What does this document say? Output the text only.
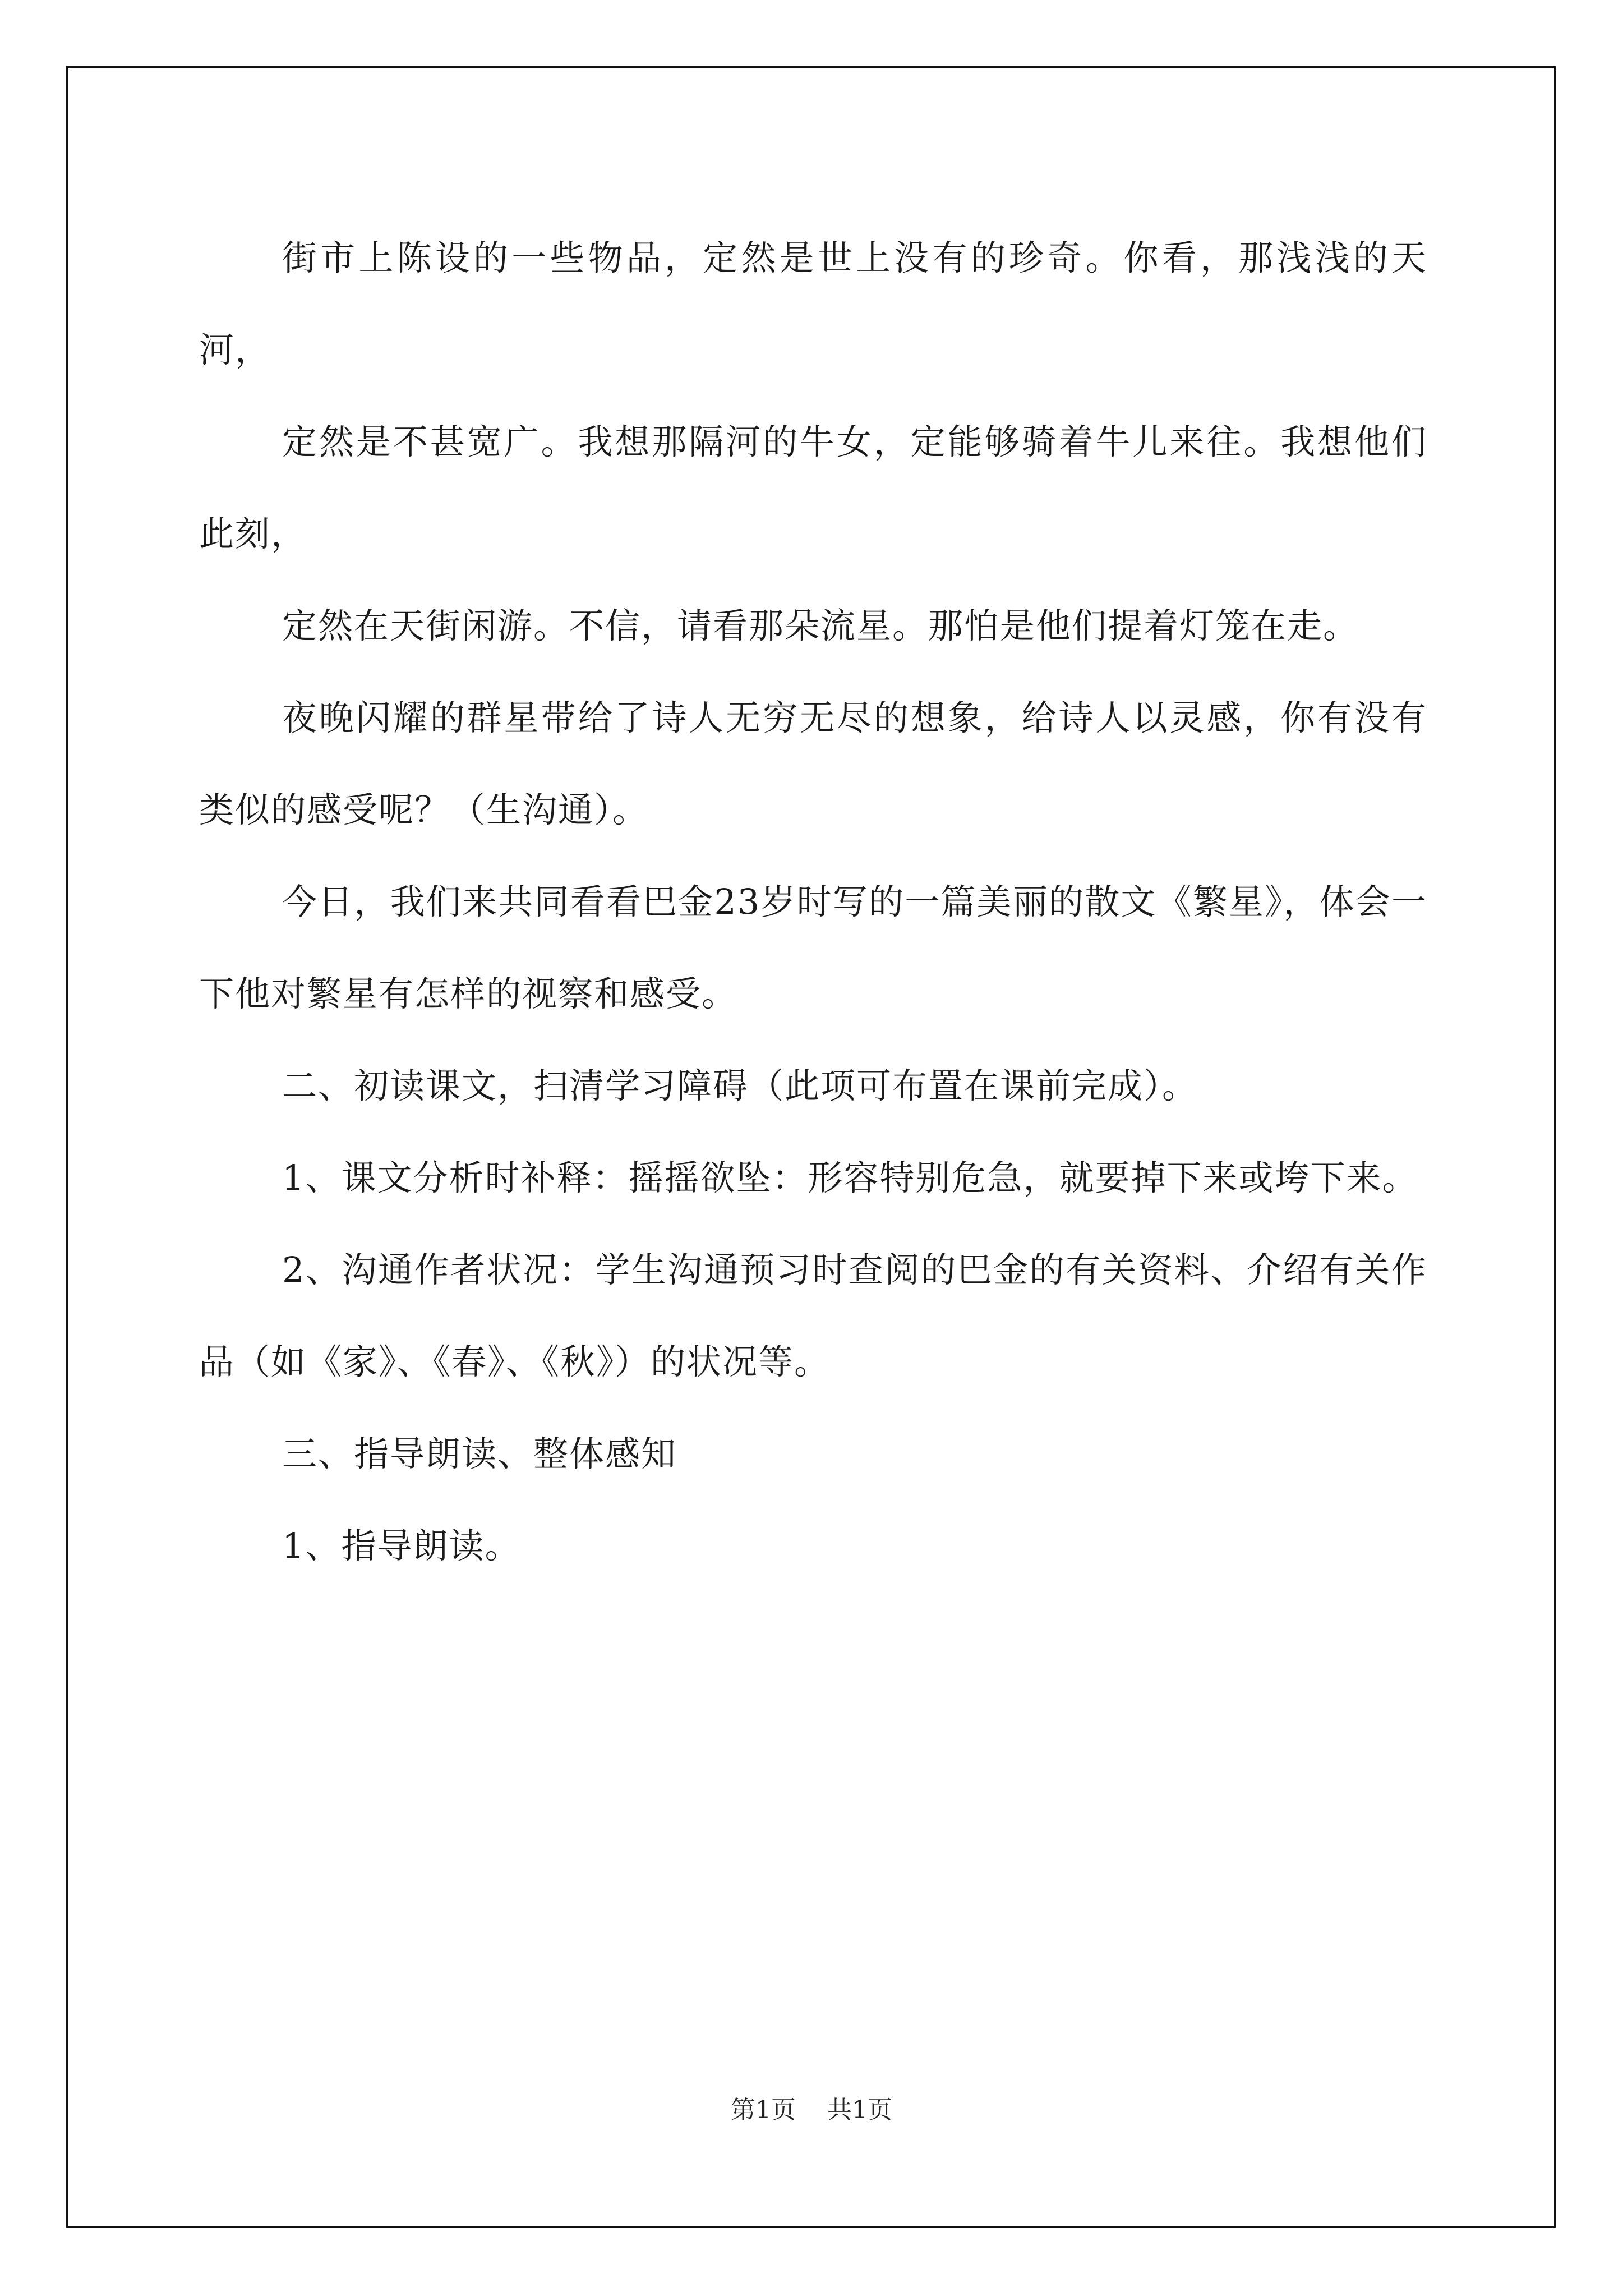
街市上陈设的一些物品，定然是世上没有的珍奇。你看，那浅浅的天河，

定然是不甚宽广。我想那隔河的牛女，定能够骑着牛儿来往。我想他们此刻，

定然在天街闲游。不信，请看那朵流星。那怕是他们提着灯笼在走。

夜晚闪耀的群星带给了诗人无穷无尽的想象，给诗人以灵感，你有没有类似的感受呢？（生沟通）。

今日，我们来共同看看巴金23岁时写的一篇美丽的散文《繁星》，体会一下他对繁星有怎样的视察和感受。

二、初读课文，扫清学习障碍（此项可布置在课前完成）。

1、课文分析时补释：摇摇欲坠：形容特别危急，就要掉下来或垮下来。

2、沟通作者状况：学生沟通预习时查阅的巴金的有关资料、介绍有关作品（如《家》、《春》、《秋》）的状况等。

三、指导朗读、整体感知

1、指导朗读。

第1页    共1页
